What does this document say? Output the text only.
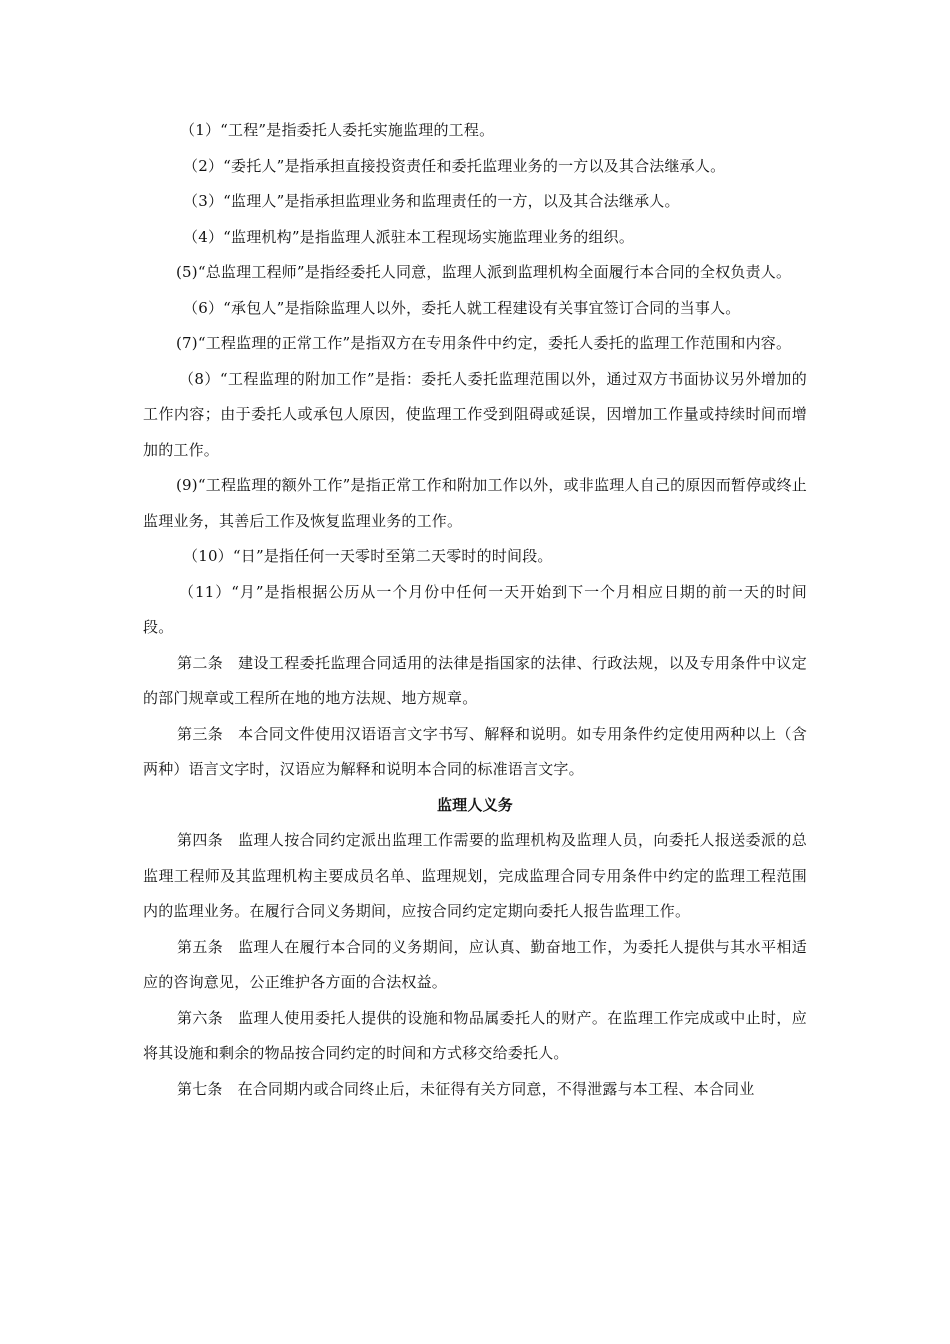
（1）“工程”是指委托人委托实施监理的工程。

（2）“委托人”是指承担直接投资责任和委托监理业务的一方以及其合法继承人。

（3）“监理人”是指承担监理业务和监理责任的一方，以及其合法继承人。

（4）“监理机构”是指监理人派驻本工程现场实施监理业务的组织。

(5)“总监理工程师”是指经委托人同意，监理人派到监理机构全面履行本合同的全权负责人。

（6）“承包人”是指除监理人以外，委托人就工程建设有关事宜签订合同的当事人。

(7)“工程监理的正常工作”是指双方在专用条件中约定，委托人委托的监理工作范围和内容。

（8）“工程监理的附加工作”是指：委托人委托监理范围以外，通过双方书面协议另外增加的工作内容；由于委托人或承包人原因，使监理工作受到阻碍或延误，因增加工作量或持续时间而增加的工作。

(9)“工程监理的额外工作”是指正常工作和附加工作以外，或非监理人自己的原因而暂停或终止监理业务，其善后工作及恢复监理业务的工作。

（10）“日”是指任何一天零时至第二天零时的时间段。

（11）“月”是指根据公历从一个月份中任何一天开始到下一个月相应日期的前一天的时间段。

第二条 建设工程委托监理合同适用的法律是指国家的法律、行政法规，以及专用条件中议定的部门规章或工程所在地的地方法规、地方规章。

第三条 本合同文件使用汉语语言文字书写、解释和说明。如专用条件约定使用两种以上（含两种）语言文字时，汉语应为解释和说明本合同的标准语言文字。

监理人义务

第四条 监理人按合同约定派出监理工作需要的监理机构及监理人员，向委托人报送委派的总监理工程师及其监理机构主要成员名单、监理规划，完成监理合同专用条件中约定的监理工程范围内的监理业务。在履行合同义务期间，应按合同约定定期向委托人报告监理工作。

第五条 监理人在履行本合同的义务期间，应认真、勤奋地工作，为委托人提供与其水平相适应的咨询意见，公正维护各方面的合法权益。

第六条 监理人使用委托人提供的设施和物品属委托人的财产。在监理工作完成或中止时，应将其设施和剩余的物品按合同约定的时间和方式移交给委托人。

第七条 在合同期内或合同终止后，未征得有关方同意，不得泄露与本工程、本合同业
